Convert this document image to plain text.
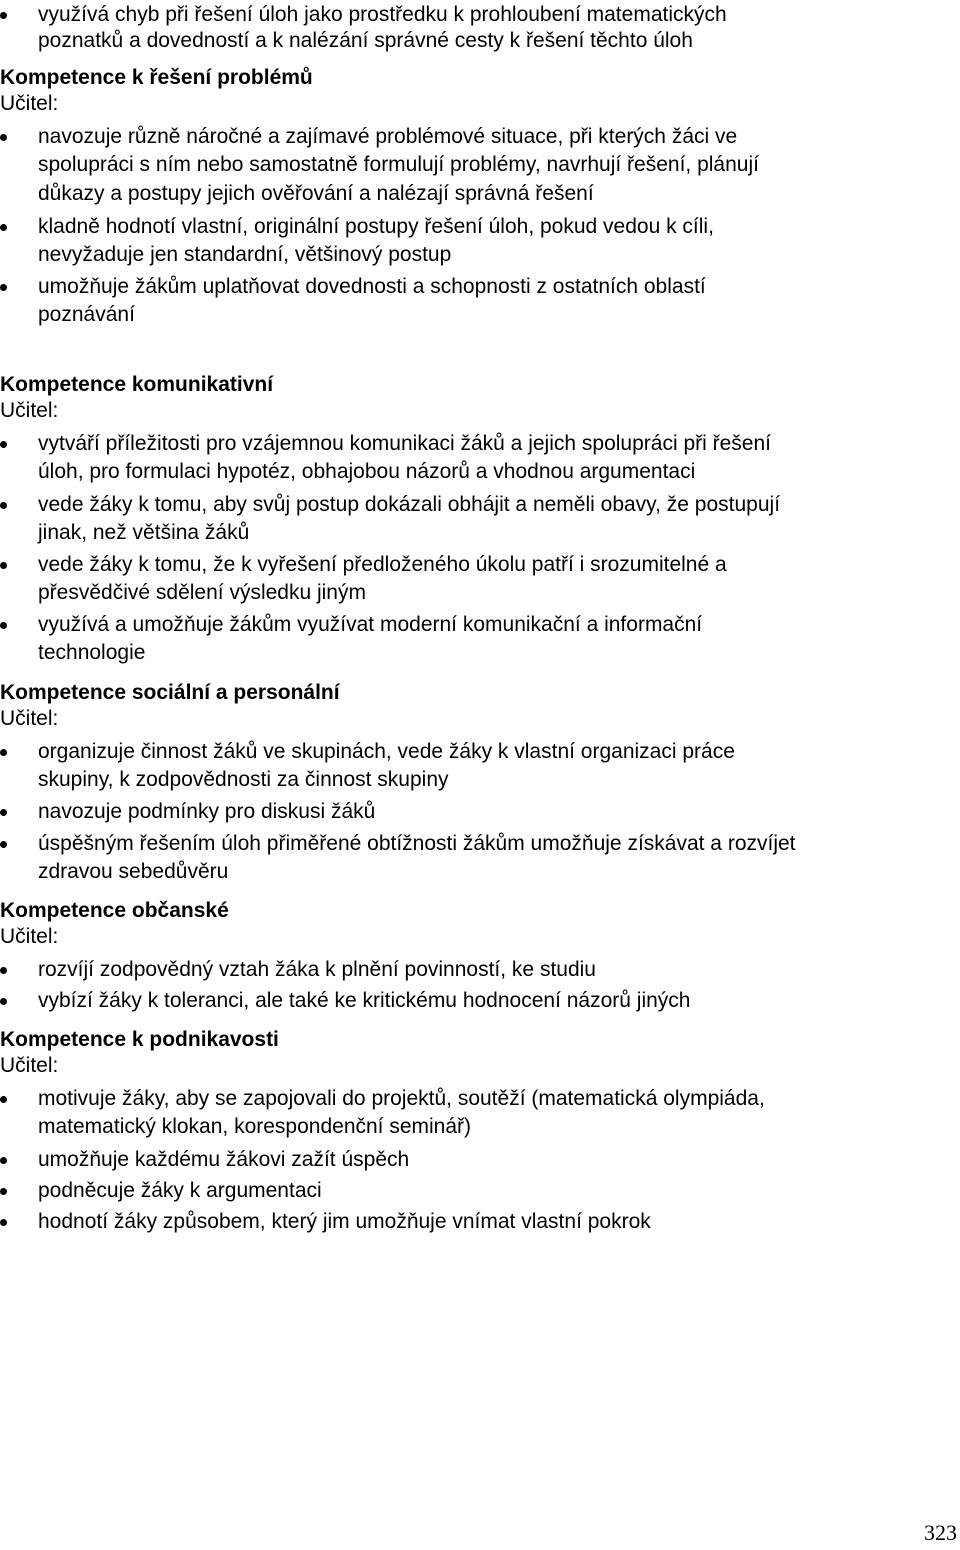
323
využívá chyb při řešení úloh jako prostředku k prohloubení matematických
poznatků a dovedností a k nalézání správné cesty k řešení těchto úloh
Kompetence k řešení problémů
Učitel:
navozuje různě náročné a zajímavé problémové situace, při kterých žáci ve
spolupráci s ním nebo samostatně formulují problémy, navrhují řešení, plánují
důkazy a postupy jejich ověřování a nalézají správná řešení
kladně hodnotí vlastní, originální postupy řešení úloh, pokud vedou k cíli,
nevyžaduje jen standardní, většinový postup
umožňuje žákům uplatňovat dovednosti a schopnosti z ostatních oblastí
poznávání
Kompetence komunikativní
Učitel:
vytváří příležitosti pro vzájemnou komunikaci žáků a jejich spolupráci při řešení
úloh, pro formulaci hypotéz, obhajobou názorů a vhodnou argumentaci
vede žáky k tomu, aby svůj postup dokázali obhájit a neměli obavy, že postupují
jinak, než většina žáků
vede žáky k tomu, že k vyřešení předloženého úkolu patří i srozumitelné a
přesvědčivé sdělení výsledku jiným
využívá a umožňuje žákům využívat moderní komunikační a informační
technologie
Kompetence sociální a personální
Učitel:
organizuje činnost žáků ve skupinách, vede žáky k vlastní organizaci práce
skupiny, k zodpovědnosti za činnost skupiny
navozuje podmínky pro diskusi žáků
úspěšným řešením úloh přiměřené obtížnosti žákům umožňuje získávat a rozvíjet
zdravou sebedůvěru
Kompetence občanské
Učitel:
rozvíjí zodpovědný vztah žáka k plnění povinností, ke studiu
vybízí žáky k toleranci, ale také ke kritickému hodnocení názorů jiných
Kompetence k podnikavosti
Učitel:
motivuje žáky, aby se zapojovali do projektů, soutěží (matematická olympiáda,
matematický klokan, korespondenční seminář)
umožňuje každému žákovi zažít úspěch
podněcuje žáky k argumentaci
hodnotí žáky způsobem, který jim umožňuje vnímat vlastní pokrok
